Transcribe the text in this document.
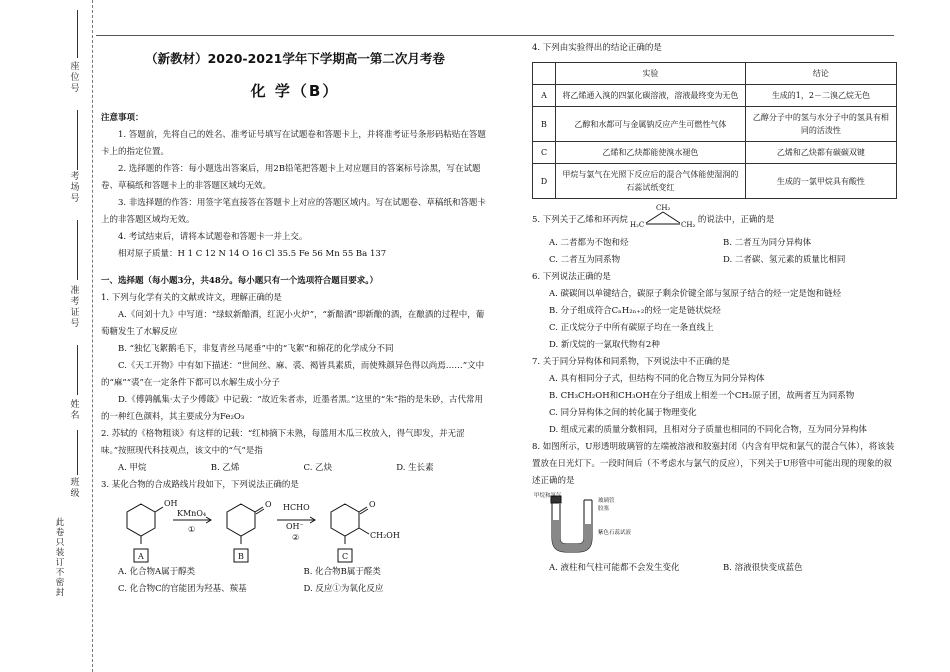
座位号
考场号
准考证号
姓名
班级
此卷只装订不密封
（新教材）2020-2021学年下学期高一第二次月考卷
化 学（B）

注意事项：

1. 答题前，先将自己的姓名、准考证号填写在试题卷和答题卡上，并将准考证号条形码粘贴在答题卡上的指定位置。

2. 选择题的作答：每小题选出答案后，用2B铅笔把答题卡上对应题目的答案标号涂黑，写在试题卷、草稿纸和答题卡上的非答题区域均无效。

3. 非选择题的作答：用签字笔直接答在答题卡上对应的答题区域内。写在试题卷、草稿纸和答题卡上的非答题区域均无效。

4. 考试结束后，请将本试题卷和答题卡一并上交。

相对原子质量：H 1 C 12 N 14 O 16 Cl 35.5 Fe 56 Mn 55 Ba 137

一、选择题（每小题3分，共48分。每小题只有一个选项符合题目要求。）

1. 下列与化学有关的文献或诗文，理解正确的是

A.《问刘十九》中写道：“绿蚁新醅酒，红泥小火炉”，“新醅酒”即新酿的酒，在酿酒的过程中，葡萄糖发生了水解反应

B. “独忆飞絮鹅毛下，非复青丝马尾垂”中的“飞絮”和棉花的化学成分不同

C.《天工开物》中有如下描述：“世间丝、麻、裘、褐皆具素质，而使殊颜异色得以尚焉……”文中的“麻”“裘”在一定条件下都可以水解生成小分子

D.《傅鹑觚集·太子少傅箴》中记载：“故近朱者赤，近墨者黑。”这里的“朱”指的是朱砂，古代常用的一种红色颜料，其主要成分为Fe₂O₃

2. 苏轼的《格物粗谈》有这样的记载：“红柿摘下未熟，每篮用木瓜三枚放入，得气即发，并无涩味。”按照现代科技观点，该文中的“气”是指

A. 甲烷	B. 乙烯	C. 乙炔	D. 生长素

3. 某化合物的合成路线片段如下，下列说法正确的是

OH	O	O
CH₂OH
KMnO₄
①
HCHO
OH⁻
②
A	B	C
A. 化合物A属于醇类	B. 化合物B属于醛类
C. 化合物C的官能团为羟基、羰基	D. 反应①为氧化反应

4. 下列由实验得出的结论正确的是

	实验	结论
A	将乙烯通入溴的四氯化碳溶液，溶液最终变为无色	生成的1，2－二溴乙烷无色
B	乙醇和水都可与金属钠反应产生可燃性气体	乙醇分子中的氢与水分子中的氢具有相同的活泼性
C	乙烯和乙炔都能使溴水褪色	乙烯和乙炔都有碳碳双键
D	甲烷与氯气在光照下反应后的混合气体能使湿润的石蕊试纸变红	生成的一氯甲烷具有酸性
5. 下列关于乙烯和环丙烷
CH₂
H₂C	CH₂ 的说法中，正确的是
A. 二者都为不饱和烃	B. 二者互为同分异构体
C. 二者互为同系物	D. 二者碳、氢元素的质量比相同

6. 下列说法正确的是

A. 碳碳间以单键结合，碳原子剩余价键全部与氢原子结合的烃一定是饱和链烃

B. 分子组成符合CₙH₂ₙ₊₂的烃一定是链状烷烃

C. 正戊烷分子中所有碳原子均在一条直线上

D. 新戊烷的一氯取代物有2种

7. 关于同分异构体和同系物，下列说法中不正确的是

A. 具有相同分子式，但结构不同的化合物互为同分异构体

B. CH₃CH₂OH和CH₃OH在分子组成上相差一个CH₂原子团，故两者互为同系物

C. 同分异构体之间的转化属于物理变化

D. 组成元素的质量分数相同，且相对分子质量也相同的不同化合物，互为同分异构体

8. 如图所示，U形透明玻璃管的左端被溶液和胶塞封闭（内含有甲烷和氯气的混合气体），将该装置放在日光灯下。一段时间后（不考虑水与氯气的反应），下列关于U形管中可能出现的现象的叙述正确的是

甲烷和氯气
胶塞
玻璃管
紫色石蕊试液
A. 液柱和气柱可能都不会发生变化	B. 溶液很快变成蓝色
